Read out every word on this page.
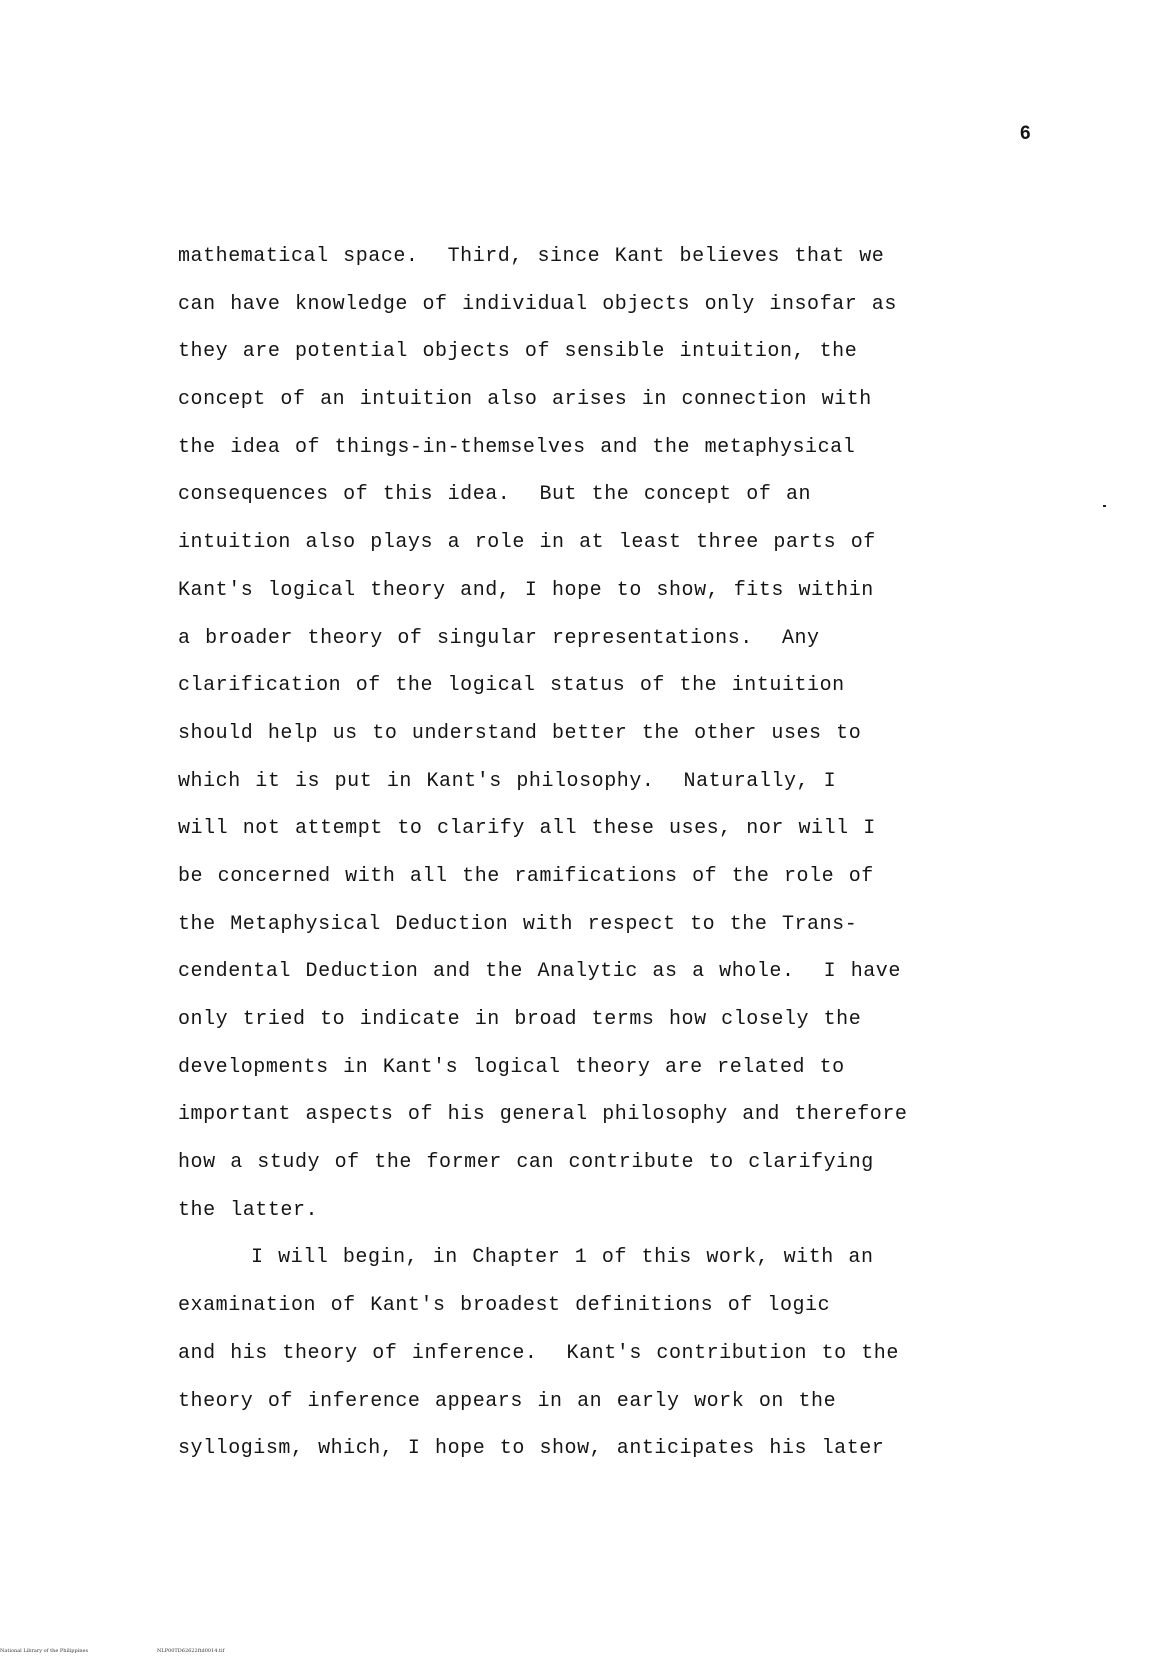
6
mathematical space.  Third, since Kant believes that we
can have knowledge of individual objects only insofar as
they are potential objects of sensible intuition, the
concept of an intuition also arises in connection with
the idea of things-in-themselves and the metaphysical
consequences of this idea.  But the concept of an
intuition also plays a role in at least three parts of
Kant's logical theory and, I hope to show, fits within
a broader theory of singular representations.  Any
clarification of the logical status of the intuition
should help us to understand better the other uses to
which it is put in Kant's philosophy.  Naturally, I
will not attempt to clarify all these uses, nor will I
be concerned with all the ramifications of the role of
the Metaphysical Deduction with respect to the Trans-
cendental Deduction and the Analytic as a whole.  I have
only tried to indicate in broad terms how closely the
developments in Kant's logical theory are related to
important aspects of his general philosophy and therefore
how a study of the former can contribute to clarifying
the latter.
I will begin, in Chapter 1 of this work, with an
examination of Kant's broadest definitions of logic
and his theory of inference.  Kant's contribution to the
theory of inference appears in an early work on the
syllogism, which, I hope to show, anticipates his later
National Library of the Philippines	NLP00TD62622ftd0014.tif
